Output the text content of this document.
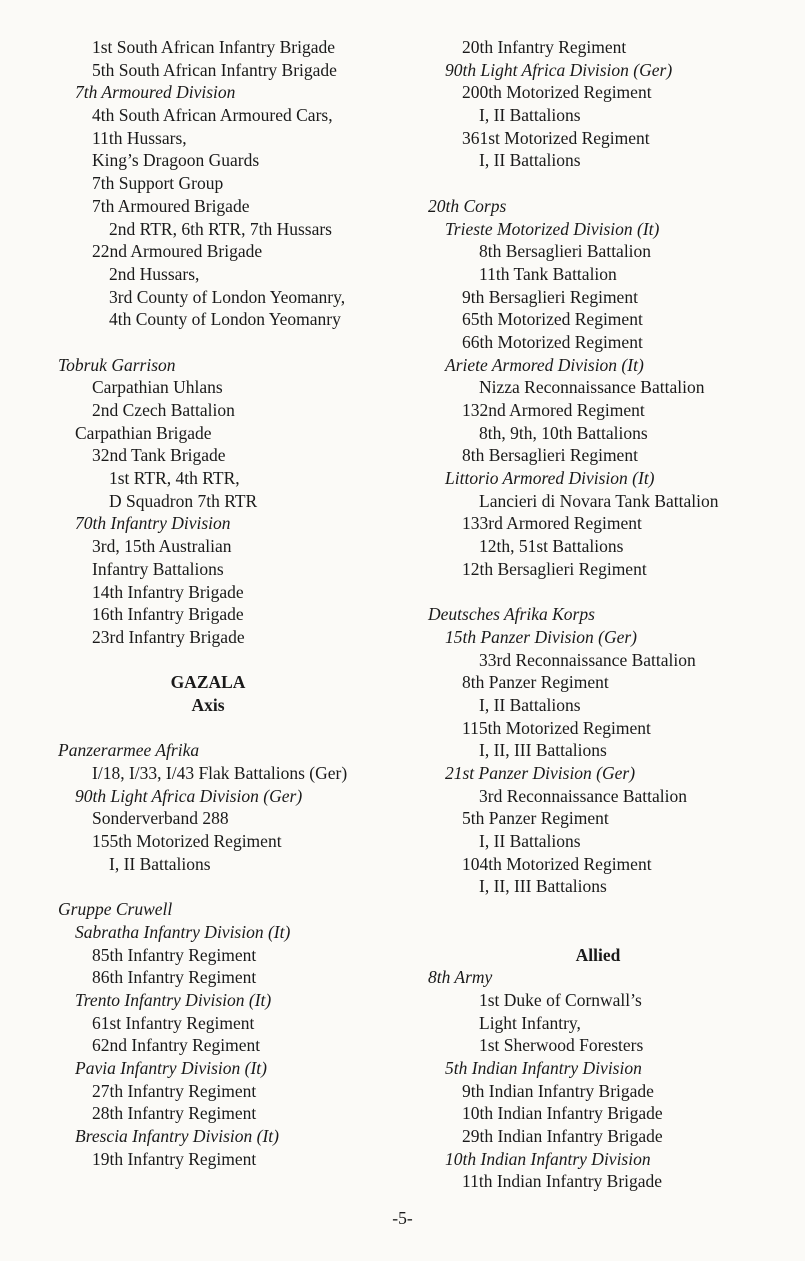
1st South African Infantry Brigade
5th South African Infantry Brigade
7th Armoured Division
4th South African Armoured Cars,
11th Hussars,
King’s Dragoon Guards
7th Support Group
7th Armoured Brigade
2nd RTR, 6th RTR, 7th Hussars
22nd Armoured Brigade
2nd Hussars,
3rd County of London Yeomanry,
4th County of London Yeomanry
Tobruk Garrison
Carpathian Uhlans
2nd Czech Battalion
Carpathian Brigade
32nd Tank Brigade
1st RTR, 4th RTR,
D Squadron 7th RTR
70th Infantry Division
3rd, 15th Australian
Infantry Battalions
14th Infantry Brigade
16th Infantry Brigade
23rd Infantry Brigade
GAZALA
Axis
Panzerarmee Afrika
I/18, I/33, I/43 Flak Battalions (Ger)
90th Light Africa Division (Ger)
Sonderverband 288
155th Motorized Regiment
I, II Battalions
Gruppe Cruwell
Sabratha Infantry Division (It)
85th Infantry Regiment
86th Infantry Regiment
Trento Infantry Division (It)
61st Infantry Regiment
62nd Infantry Regiment
Pavia Infantry Division (It)
27th Infantry Regiment
28th Infantry Regiment
Brescia Infantry Division (It)
19th Infantry Regiment
20th Infantry Regiment
90th Light Africa Division (Ger)
200th Motorized Regiment
I, II Battalions
361st Motorized Regiment
I, II Battalions
20th Corps
Trieste Motorized Division (It)
8th Bersaglieri Battalion
11th Tank Battalion
9th Bersaglieri Regiment
65th Motorized Regiment
66th Motorized Regiment
Ariete Armored Division (It)
Nizza Reconnaissance Battalion
132nd Armored Regiment
8th, 9th, 10th Battalions
8th Bersaglieri Regiment
Littorio Armored Division (It)
Lancieri di Novara Tank Battalion
133rd Armored Regiment
12th, 51st Battalions
12th Bersaglieri Regiment
Deutsches Afrika Korps
15th Panzer Division (Ger)
33rd Reconnaissance Battalion
8th Panzer Regiment
I, II Battalions
115th Motorized Regiment
I, II, III Battalions
21st Panzer Division (Ger)
3rd Reconnaissance Battalion
5th Panzer Regiment
I, II Battalions
104th Motorized Regiment
I, II, III Battalions
Allied
8th Army
1st Duke of Cornwall’s
Light Infantry,
1st Sherwood Foresters
5th Indian Infantry Division
9th Indian Infantry Brigade
10th Indian Infantry Brigade
29th Indian Infantry Brigade
10th Indian Infantry Division
11th Indian Infantry Brigade
-5-
